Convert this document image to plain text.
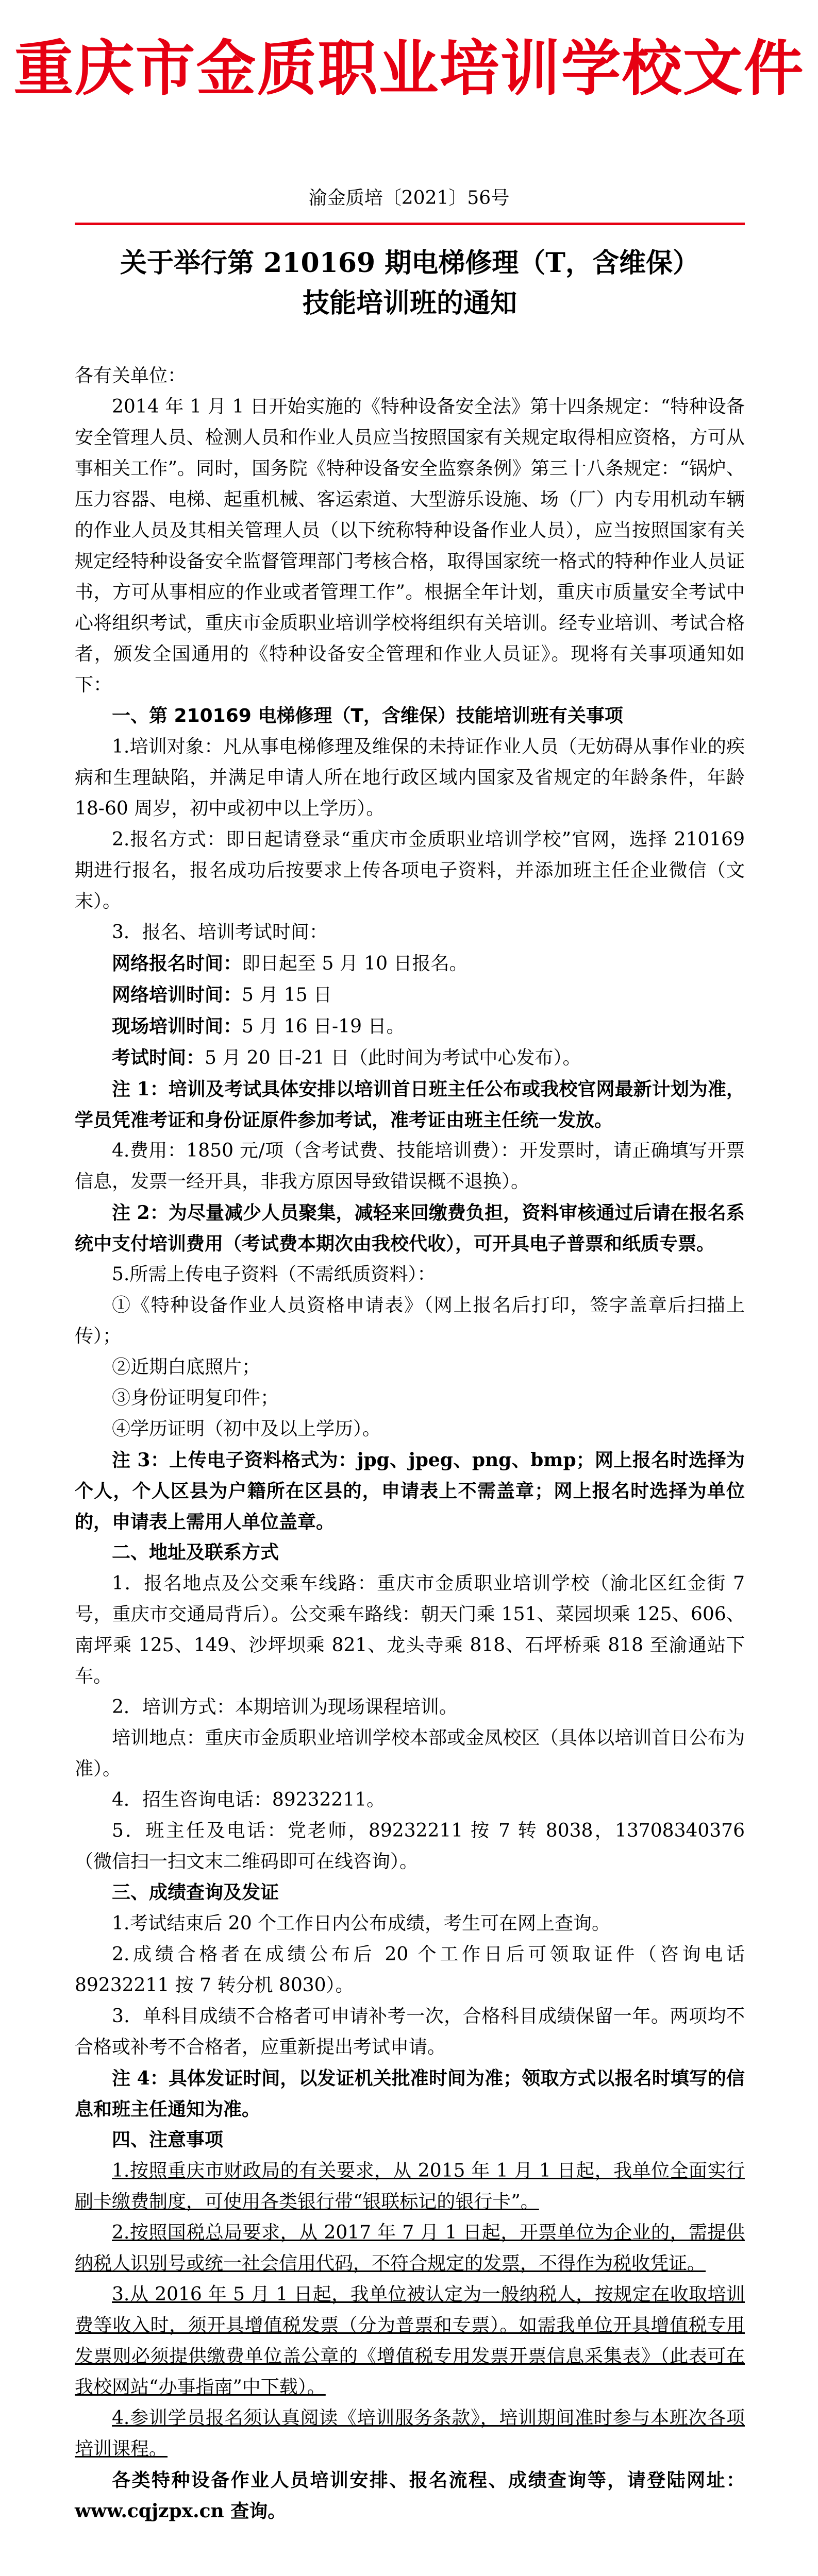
重庆市金质职业培训学校文件
渝金质培〔2021〕56号
关于举行第 210169 期电梯修理（T，含维保）
技能培训班的通知

各有关单位：

2014 年 1 月 1 日开始实施的《特种设备安全法》第十四条规定：“特种设备安全管理人员、检测人员和作业人员应当按照国家有关规定取得相应资格，方可从事相关工作”。同时，国务院《特种设备安全监察条例》第三十八条规定：“锅炉、压力容器、电梯、起重机械、客运索道、大型游乐设施、场（厂）内专用机动车辆的作业人员及其相关管理人员（以下统称特种设备作业人员），应当按照国家有关规定经特种设备安全监督管理部门考核合格，取得国家统一格式的特种作业人员证书，方可从事相应的作业或者管理工作”。根据全年计划，重庆市质量安全考试中心将组织考试，重庆市金质职业培训学校将组织有关培训。经专业培训、考试合格者，颁发全国通用的《特种设备安全管理和作业人员证》。现将有关事项通知如下：

一、第 210169 电梯修理（T，含维保）技能培训班有关事项

1.培训对象：凡从事电梯修理及维保的未持证作业人员（无妨碍从事作业的疾病和生理缺陷，并满足申请人所在地行政区域内国家及省规定的年龄条件，年龄 18-60 周岁，初中或初中以上学历）。

2.报名方式：即日起请登录“重庆市金质职业培训学校”官网，选择 210169 期进行报名，报名成功后按要求上传各项电子资料，并添加班主任企业微信（文末）。

3．报名、培训考试时间：

网络报名时间：即日起至 5 月 10 日报名。

网络培训时间：5 月 15 日

现场培训时间：5 月 16 日-19 日。

考试时间：5 月 20 日-21 日（此时间为考试中心发布）。

注 1：培训及考试具体安排以培训首日班主任公布或我校官网最新计划为准，学员凭准考证和身份证原件参加考试，准考证由班主任统一发放。

4.费用：1850 元/项（含考试费、技能培训费）：开发票时，请正确填写开票信息，发票一经开具，非我方原因导致错误概不退换）。

注 2：为尽量减少人员聚集，减轻来回缴费负担，资料审核通过后请在报名系统中支付培训费用（考试费本期次由我校代收），可开具电子普票和纸质专票。

5.所需上传电子资料（不需纸质资料）：

①《特种设备作业人员资格申请表》（网上报名后打印，签字盖章后扫描上传）；

②近期白底照片；

③身份证明复印件；

④学历证明（初中及以上学历）。

注 3：上传电子资料格式为：jpg、jpeg、png、bmp；网上报名时选择为个人，个人区县为户籍所在区县的，申请表上不需盖章；网上报名时选择为单位的，申请表上需用人单位盖章。

二、地址及联系方式

1．报名地点及公交乘车线路：重庆市金质职业培训学校（渝北区红金街 7 号，重庆市交通局背后）。公交乘车路线：朝天门乘 151、菜园坝乘 125、606、南坪乘 125、149、沙坪坝乘 821、龙头寺乘 818、石坪桥乘 818 至渝通站下车。

2．培训方式：本期培训为现场课程培训。

培训地点：重庆市金质职业培训学校本部或金凤校区（具体以培训首日公布为准）。

4．招生咨询电话：89232211。

5．班主任及电话：党老师，89232211 按 7 转 8038，13708340376（微信扫一扫文末二维码即可在线咨询）。

三、成绩查询及发证

1.考试结束后 20 个工作日内公布成绩，考生可在网上查询。

2.成绩合格者在成绩公布后 20 个工作日后可领取证件（咨询电话 89232211 按 7 转分机 8030）。

3．单科目成绩不合格者可申请补考一次，合格科目成绩保留一年。两项均不合格或补考不合格者，应重新提出考试申请。

注 4：具体发证时间，以发证机关批准时间为准；领取方式以报名时填写的信息和班主任通知为准。

四、注意事项

1.按照重庆市财政局的有关要求，从 2015 年 1 月 1 日起，我单位全面实行刷卡缴费制度，可使用各类银行带“银联标记的银行卡”。

2.按照国税总局要求，从 2017 年 7 月 1 日起，开票单位为企业的，需提供纳税人识别号或统一社会信用代码，不符合规定的发票，不得作为税收凭证。

3.从 2016 年 5 月 1 日起，我单位被认定为一般纳税人，按规定在收取培训费等收入时，须开具增值税发票（分为普票和专票）。如需我单位开具增值税专用发票则必须提供缴费单位盖公章的《增值税专用发票开票信息采集表》（此表可在我校网站“办事指南”中下载）。

4.参训学员报名须认真阅读《培训服务条款》，培训期间准时参与本班次各项培训课程。

各类特种设备作业人员培训安排、报名流程、成绩查询等，请登陆网址：www.cqjzpx.cn 查询。
